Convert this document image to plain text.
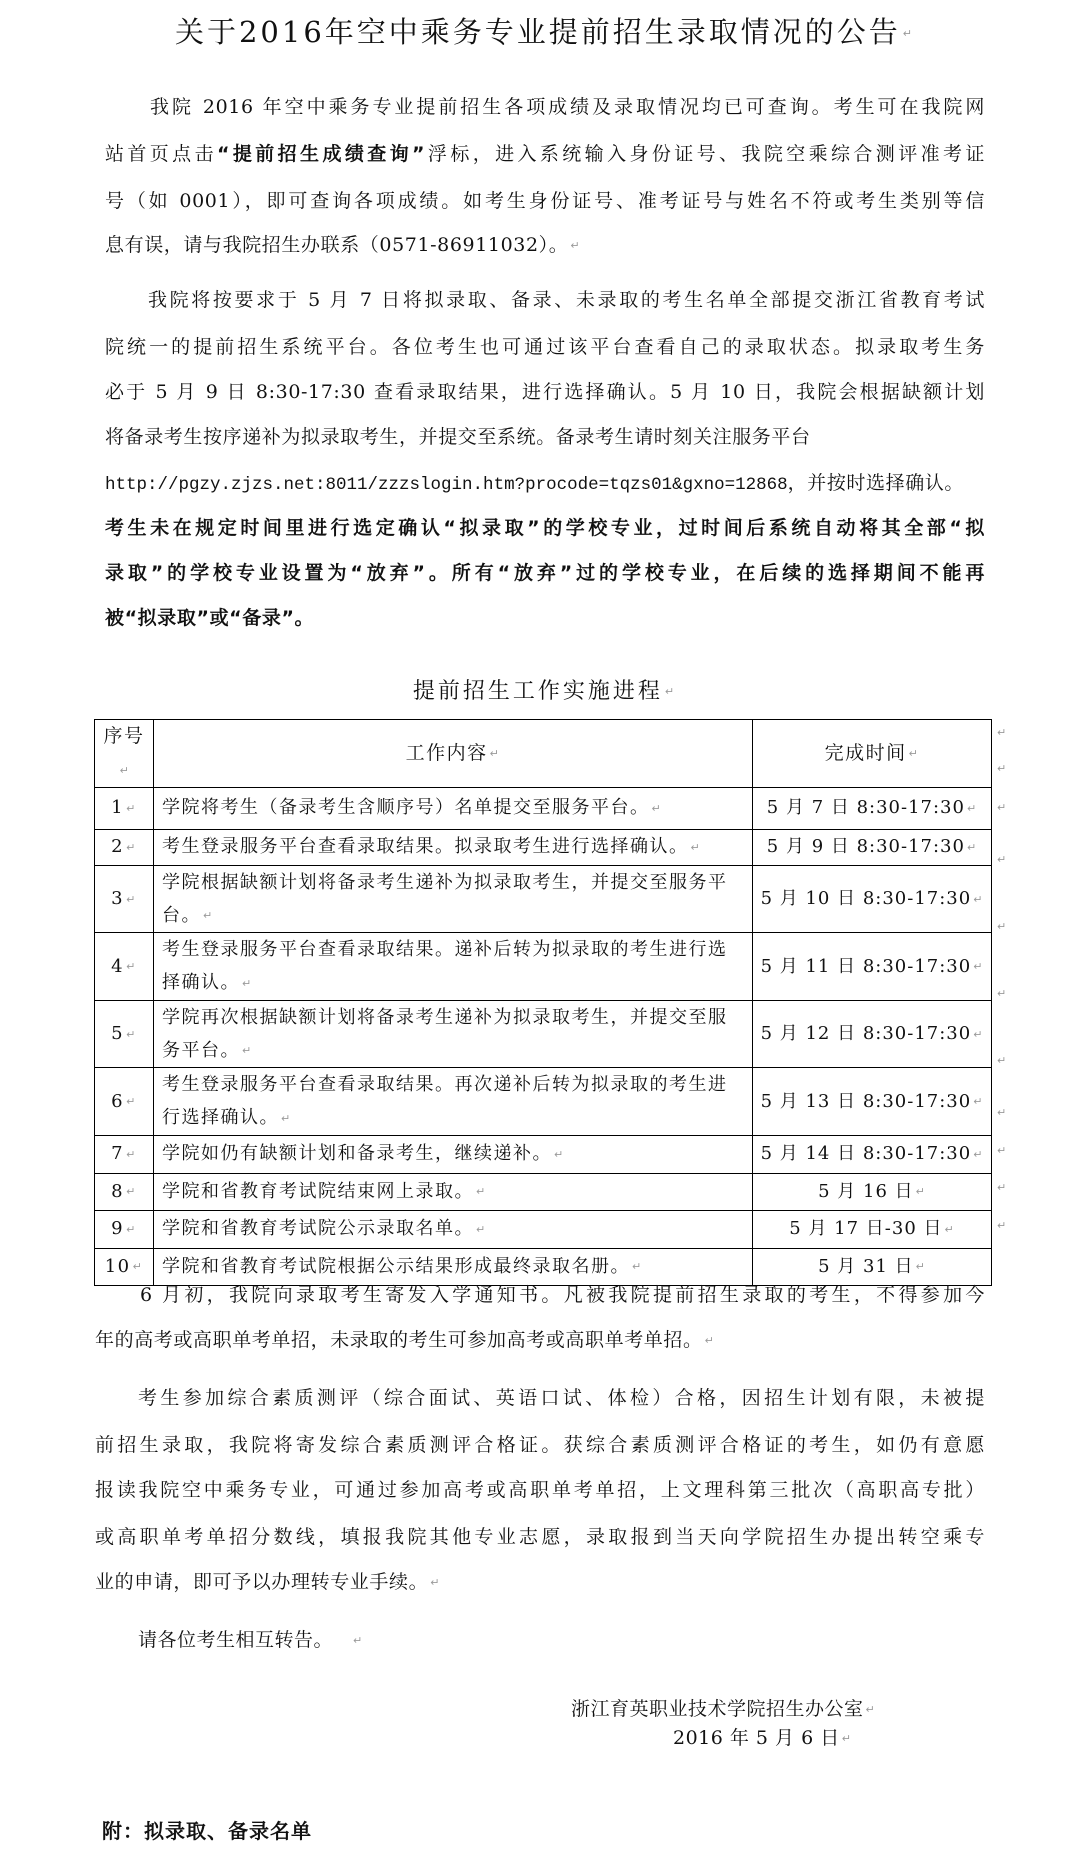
关于2016年空中乘务专业提前招生录取情况的公告 ↵
我院 2016 年空中乘务专业提前招生各项成绩及录取情况均已可查询。考生可在我院网
站首页点击“提前招生成绩查询”浮标，进入系统输入身份证号、我院空乘综合测评准考证
号（如 0001），即可查询各项成绩。如考生身份证号、准考证号与姓名不符或考生类别等信
息有误，请与我院招生办联系（0571-86911032）。 ↵
我院将按要求于 5 月 7 日将拟录取、备录、未录取的考生名单全部提交浙江省教育考试
院统一的提前招生系统平台。各位考生也可通过该平台查看自己的录取状态。拟录取考生务
必于 5 月 9 日 8:30-17:30 查看录取结果，进行选择确认。5 月 10 日，我院会根据缺额计划
将备录考生按序递补为拟录取考生，并提交至系统。备录考生请时刻关注服务平台
http://pgzy.zjzs.net:8011/zzzslogin.htm?procode=tqzs01&gxno=12868，并按时选择确认。
考生未在规定时间里进行选定确认“拟录取”的学校专业，过时间后系统自动将其全部“拟
录取”的学校专业设置为“放弃”。所有“放弃”过的学校专业，在后续的选择期间不能再
被“拟录取”或“备录”。
提前招生工作实施进程 ↵
序号↵	工作内容 ↵	完成时间 ↵
1 ↵	学院将考生（备录考生含顺序号）名单提交至服务平台。 ↵	5 月 7 日 8:30-17:30 ↵
2 ↵	考生登录服务平台查看录取结果。拟录取考生进行选择确认。 ↵	5 月 9 日 8:30-17:30 ↵
3 ↵	学院根据缺额计划将备录考生递补为拟录取考生，并提交至服务平台。 ↵	5 月 10 日 8:30-17:30 ↵
4 ↵	考生登录服务平台查看录取结果。递补后转为拟录取的考生进行选择确认。 ↵	5 月 11 日 8:30-17:30 ↵
5 ↵	学院再次根据缺额计划将备录考生递补为拟录取考生，并提交至服务平台。 ↵	5 月 12 日 8:30-17:30 ↵
6 ↵	考生登录服务平台查看录取结果。再次递补后转为拟录取的考生进行选择确认。 ↵	5 月 13 日 8:30-17:30 ↵
7 ↵	学院如仍有缺额计划和备录考生，继续递补。 ↵	5 月 14 日 8:30-17:30 ↵
8 ↵	学院和省教育考试院结束网上录取。 ↵	5 月 16 日 ↵
9 ↵	学院和省教育考试院公示录取名单。 ↵	5 月 17 日-30 日 ↵
10 ↵	学院和省教育考试院根据公示结果形成最终录取名册。 ↵	5 月 31 日 ↵
↵
↵
↵
↵
↵
↵
↵
↵
↵
↵
↵
6 月初，我院向录取考生寄发入学通知书。凡被我院提前招生录取的考生，不得参加今
年的高考或高职单考单招，未录取的考生可参加高考或高职单考单招。 ↵
考生参加综合素质测评（综合面试、英语口试、体检）合格，因招生计划有限，未被提
前招生录取，我院将寄发综合素质测评合格证。获综合素质测评合格证的考生，如仍有意愿
报读我院空中乘务专业，可通过参加高考或高职单考单招，上文理科第三批次（高职高专批）
或高职单考单招分数线，填报我院其他专业志愿，录取报到当天向学院招生办提出转空乘专
业的申请，即可予以办理转专业手续。 ↵
请各位考生相互转告。 ↵
浙江育英职业技术学院招生办公室 ↵
2016 年 5 月 6 日 ↵
附：拟录取、备录名单
